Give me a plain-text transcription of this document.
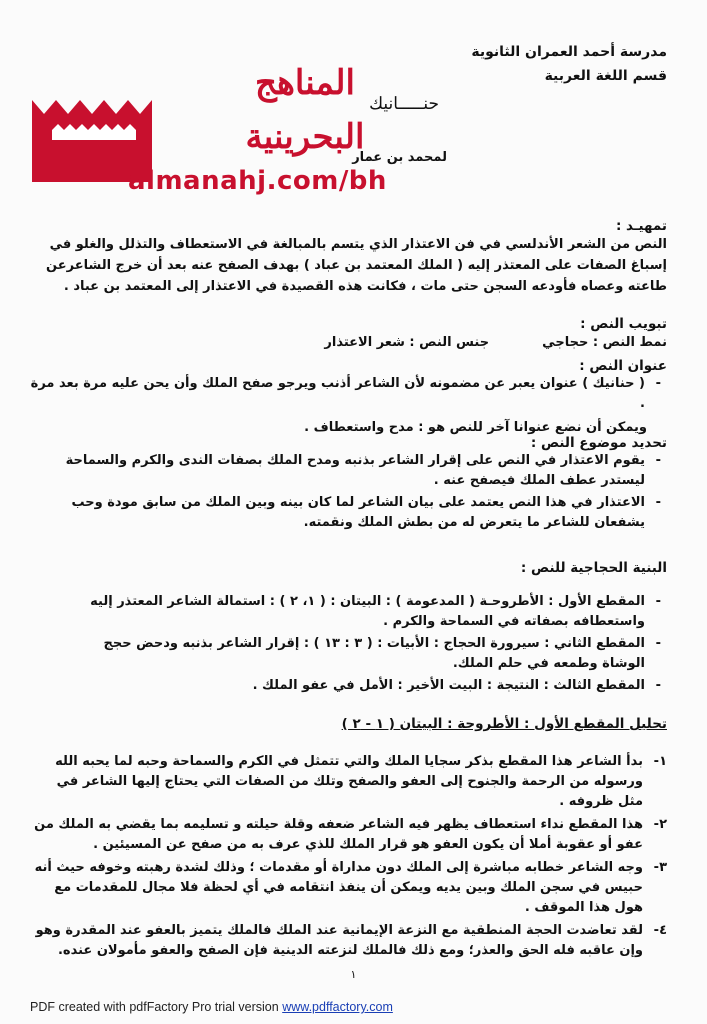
المناهج
البحرينية
almanahj.com/bh
مدرسة أحمد العمران الثانوية
قسم اللغة العربية
حنـــــانيك
لمحمد بن عمار
تمهيـد :
النص من الشعر الأندلسي في فن الاعتذار الذي يتسم بالمبالغة في الاستعطاف والتذلل والغلو في إسباغ الصفات على المعتذر إليه ( الملك المعتمد بن عباد ) بهدف الصفح عنه بعد أن خرج الشاعرعن طاعته وعصاه فأودعه السجن حتى مات ، فكانت هذه القصيدة في الاعتذار إلى المعتمد بن عباد .
تبويب النص :
نمط النص : حجاجي  جنس النص : شعر الاعتذار
عنوان النص :
- ( حنانيك ) عنوان يعبر عن مضمونه لأن الشاعر أذنب ويرجو صفح الملك وأن يحن عليه مرة بعد مرة .
ويمكن أن نضع عنوانا آخر للنص هو : مدح واستعطاف .
تحديد موضوع النص :
- يقوم الاعتذار في النص على إقرار الشاعر بذنبه ومدح الملك بصفات الندى والكرم والسماحة ليستدر عطف الملك فيصفح عنه .
- الاعتذار في هذا النص يعتمد على بيان الشاعر لما كان بينه وبين الملك من سابق مودة وحب يشفعان للشاعر ما يتعرض له من بطش الملك ونقمته.
البنية الحجاجية للنص :
- المقطع الأول : الأطروحـة ( المدعومة ) : البيتان : ( ١، ٢ ) : استمالة الشاعر المعتذر إليه واستعطافه بصفاته في السماحة والكرم .
- المقطع الثاني : سيرورة الحجاج : الأبيات : ( ٣ : ١٣ ) : إقرار الشاعر بذنبه ودحض حجج الوشاة وطمعه في حلم الملك.
- المقطع الثالث : النتيجة : البيت الأخير : الأمل في عفو الملك .
تحليل المقطع الأول : الأطروحة : البيتان ( ١ - ٢ )
١-
بدأ الشاعر هذا المقطع بذكر سجايا الملك والتي تتمثل في الكرم والسماحة وحبه لما يحبه الله ورسوله من الرحمة والجنوح إلى العفو والصفح وتلك من الصفات التي يحتاج إليها الشاعر في مثل ظروفه .
٢-
هذا المقطع نداء استعطاف يظهر فيه الشاعر ضعفه وقلة حيلته و تسليمه بما يقضي به الملك من عفو أو عقوبة أملا أن يكون العفو هو قرار الملك للذي عرف به من صفح عن المسيئين .
٣-
وجه الشاعر خطابه مباشرة إلى الملك دون مداراة أو مقدمات ؛ وذلك لشدة رهبته وخوفه حيث أنه حبيس في سجن الملك وبين يديه ويمكن أن ينفذ انتقامه في أي لحظة فلا مجال للمقدمات مع هول هذا الموقف .
٤-
لقد تعاضدت الحجة المنطقية مع النزعة الإيمانية عند الملك فالملك يتميز بالعفو عند المقدرة وهو وإن عاقبه فله الحق والعذر؛ ومع ذلك فالملك لنزعته الدينية فإن الصفح والعفو مأمولان عنده.
١
PDF created with pdfFactory Pro trial version www.pdffactory.com
